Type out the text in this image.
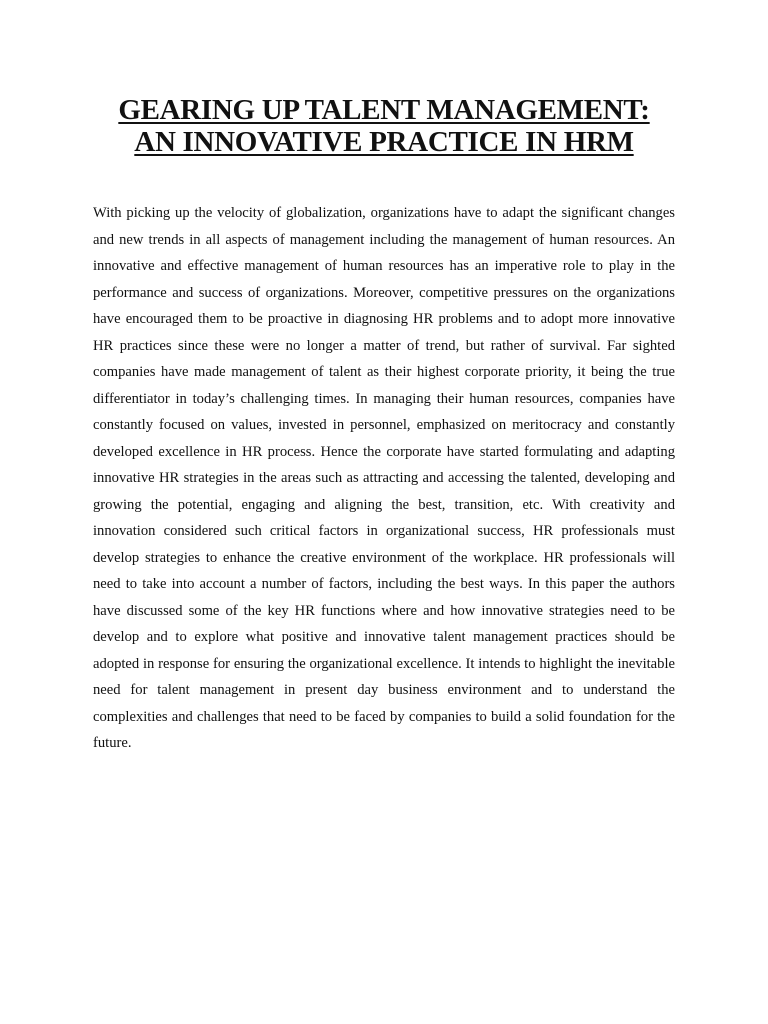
GEARING UP TALENT MANAGEMENT:
AN INNOVATIVE PRACTICE IN HRM

With picking up the velocity of globalization, organizations have to adapt the significant changes and new trends in all aspects of management including the management of human resources. An innovative and effective management of human resources has an imperative role to play in the performance and success of organizations. Moreover, competitive pressures on the organizations have encouraged them to be proactive in diagnosing HR problems and to adopt more innovative HR practices since these were no longer a matter of trend, but rather of survival. Far sighted companies have made management of talent as their highest corporate priority, it being the true differentiator in today’s challenging times. In managing their human resources, companies have constantly focused on values, invested in personnel, emphasized on meritocracy and constantly developed excellence in HR process. Hence the corporate have started formulating and adapting innovative HR strategies in the areas such as attracting and accessing the talented, developing and growing the potential, engaging and aligning the best, transition, etc. With creativity and innovation considered such critical factors in organizational success, HR professionals must develop strategies to enhance the creative environment of the workplace. HR professionals will need to take into account a number of factors, including the best ways. In this paper the authors have discussed some of the key HR functions where and how innovative strategies need to be develop and to explore what positive and innovative talent management practices should be adopted in response for ensuring the organizational excellence. It intends to highlight the inevitable need for talent management in present day business environment and to understand the complexities and challenges that need to be faced by companies to build a solid foundation for the future.
